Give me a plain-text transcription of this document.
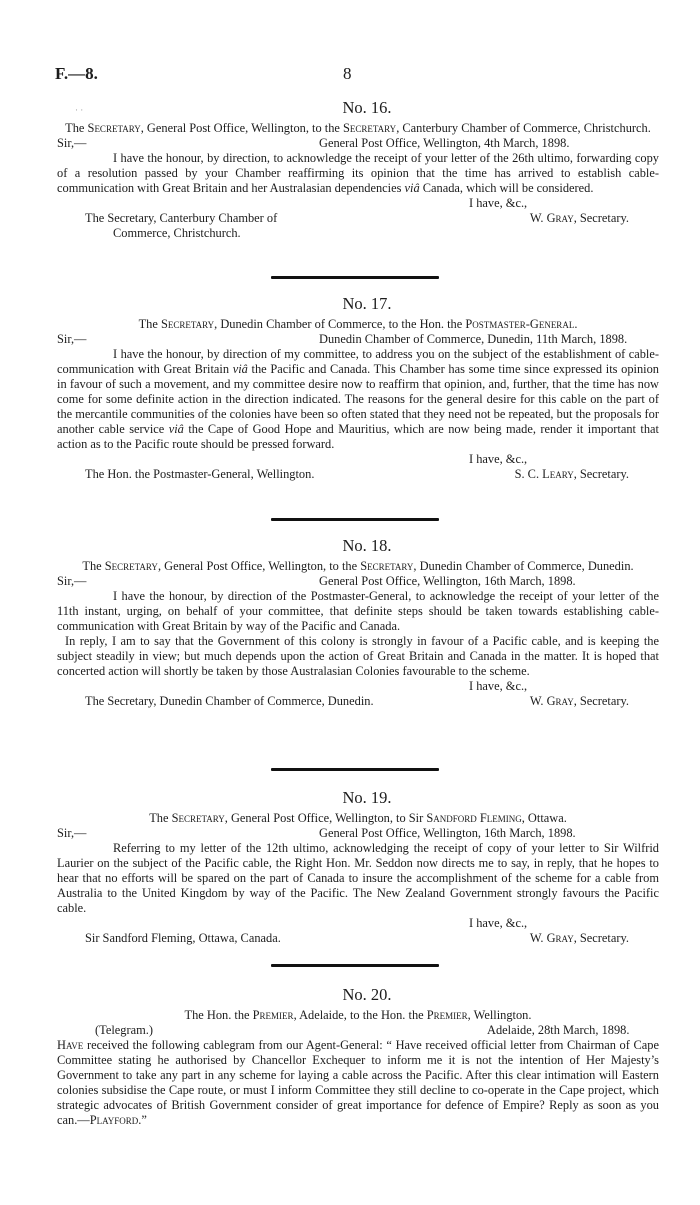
F.—8.	8
· ·	No. 16.

The Secretary, General Post Office, Wellington, to the Secretary, Canterbury Chamber of Commerce, Christchurch.

Sir,—	General Post Office, Wellington, 4th March, 1898.

I have the honour, by direction, to acknowledge the receipt of your letter of the 26th ultimo, forwarding copy of a resolution passed by your Chamber reaffirming its opinion that the time has arrived to establish cable-communication with Great Britain and her Australasian dependencies viâ Canada, which will be considered.

I have, &c.,
The Secretary, Canterbury Chamber of	W. Gray, Secretary.
Commerce, Christchurch.
No. 17.

The Secretary, Dunedin Chamber of Commerce, to the Hon. the Postmaster-General.

Sir,—	Dunedin Chamber of Commerce, Dunedin, 11th March, 1898.

I have the honour, by direction of my committee, to address you on the subject of the establishment of cable-communication with Great Britain viâ the Pacific and Canada. This Chamber has some time since expressed its opinion in favour of such a movement, and my committee desire now to reaffirm that opinion, and, further, that the time has now come for some definite action in the direction indicated. The reasons for the general desire for this cable on the part of the mercantile communities of the colonies have been so often stated that they need not be repeated, but the proposals for another cable service viâ the Cape of Good Hope and Mauritius, which are now being made, render it important that action as to the Pacific route should be pressed forward.

I have, &c.,
The Hon. the Postmaster-General, Wellington.	S. C. Leary, Secretary.
No. 18.

The Secretary, General Post Office, Wellington, to the Secretary, Dunedin Chamber of Commerce, Dunedin.

Sir,—	General Post Office, Wellington, 16th March, 1898.

I have the honour, by direction of the Postmaster-General, to acknowledge the receipt of your letter of the 11th instant, urging, on behalf of your committee, that definite steps should be taken towards establishing cable-communication with Great Britain by way of the Pacific and Canada.

In reply, I am to say that the Government of this colony is strongly in favour of a Pacific cable, and is keeping the subject steadily in view; but much depends upon the action of Great Britain and Canada in the matter. It is hoped that concerted action will shortly be taken by those Australasian Colonies favourable to the scheme.

I have, &c.,
The Secretary, Dunedin Chamber of Commerce, Dunedin.	W. Gray, Secretary.
No. 19.

The Secretary, General Post Office, Wellington, to Sir Sandford Fleming, Ottawa.

Sir,—	General Post Office, Wellington, 16th March, 1898.

Referring to my letter of the 12th ultimo, acknowledging the receipt of copy of your letter to Sir Wilfrid Laurier on the subject of the Pacific cable, the Right Hon. Mr. Seddon now directs me to say, in reply, that he hopes to hear that no efforts will be spared on the part of Canada to insure the accomplishment of the scheme for a cable from Australia to the United Kingdom by way of the Pacific. The New Zealand Government strongly favours the Pacific cable.

I have, &c.,
Sir Sandford Fleming, Ottawa, Canada.	W. Gray, Secretary.
No. 20.

The Hon. the Premier, Adelaide, to the Hon. the Premier, Wellington.

(Telegram.)	Adelaide, 28th March, 1898.

Have received the following cablegram from our Agent-General: “ Have received official letter from Chairman of Cape Committee stating he authorised by Chancellor Exchequer to inform me it is not the intention of Her Majesty’s Government to take any part in any scheme for laying a cable across the Pacific. After this clear intimation will Eastern colonies subsidise the Cape route, or must I inform Committee they still decline to co-operate in the Cape project, which strategic advocates of British Government consider of great importance for defence of Empire? Reply as soon as you can.—Playford.”
